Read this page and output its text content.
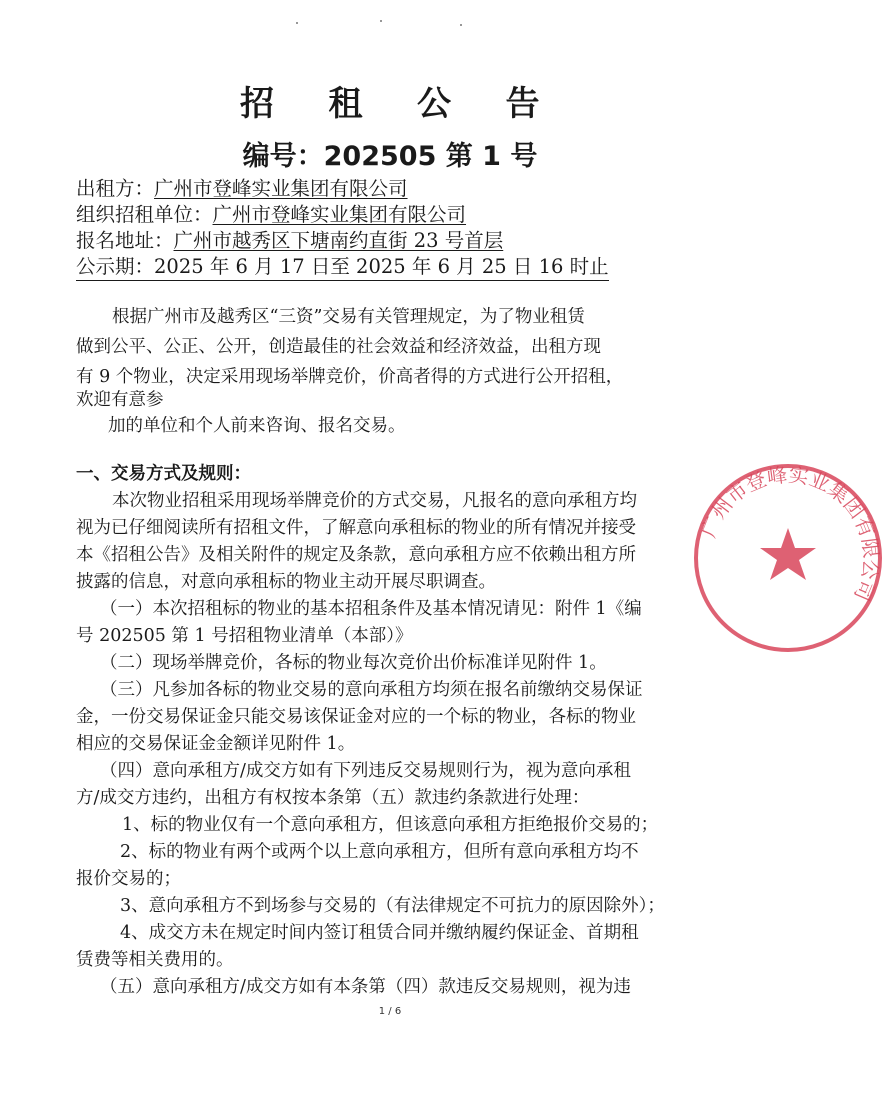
招 租 公 告
编号：202505 第 1 号
出租方：广州市登峰实业集团有限公司
组织招租单位：广州市登峰实业集团有限公司
报名地址：广州市越秀区下塘南约直街 23 号首层
公示期：2025 年 6 月 17 日至 2025 年 6 月 25 日 16 时止
根据广州市及越秀区“三资”交易有关管理规定，为了物业租赁
做到公平、公正、公开，创造最佳的社会效益和经济效益，出租方现
有 9 个物业，决定采用现场举牌竞价，价高者得的方式进行公开招租，
欢迎有意参
加的单位和个人前来咨询、报名交易。
一、交易方式及规则：
本次物业招租采用现场举牌竞价的方式交易，凡报名的意向承租方均
视为已仔细阅读所有招租文件，了解意向承租标的物业的所有情况并接受
本《招租公告》及相关附件的规定及条款，意向承租方应不依赖出租方所
披露的信息，对意向承租标的物业主动开展尽职调查。
（一）本次招租标的物业的基本招租条件及基本情况请见：附件 1《编
号 202505 第 1 号招租物业清单（本部）》
（二）现场举牌竞价，各标的物业每次竞价出价标准详见附件 1。
（三）凡参加各标的物业交易的意向承租方均须在报名前缴纳交易保证
金，一份交易保证金只能交易该保证金对应的一个标的物业，各标的物业
相应的交易保证金金额详见附件 1。
（四）意向承租方/成交方如有下列违反交易规则行为，视为意向承租
方/成交方违约，出租方有权按本条第（五）款违约条款进行处理：
1、标的物业仅有一个意向承租方，但该意向承租方拒绝报价交易的；
2、标的物业有两个或两个以上意向承租方，但所有意向承租方均不
报价交易的；
3、意向承租方不到场参与交易的（有法律规定不可抗力的原因除外）；
4、成交方未在规定时间内签订租赁合同并缴纳履约保证金、首期租
赁费等相关费用的。
（五）意向承租方/成交方如有本条第（四）款违反交易规则，视为违
广州市登峰实业集团有限公司
1 / 6
